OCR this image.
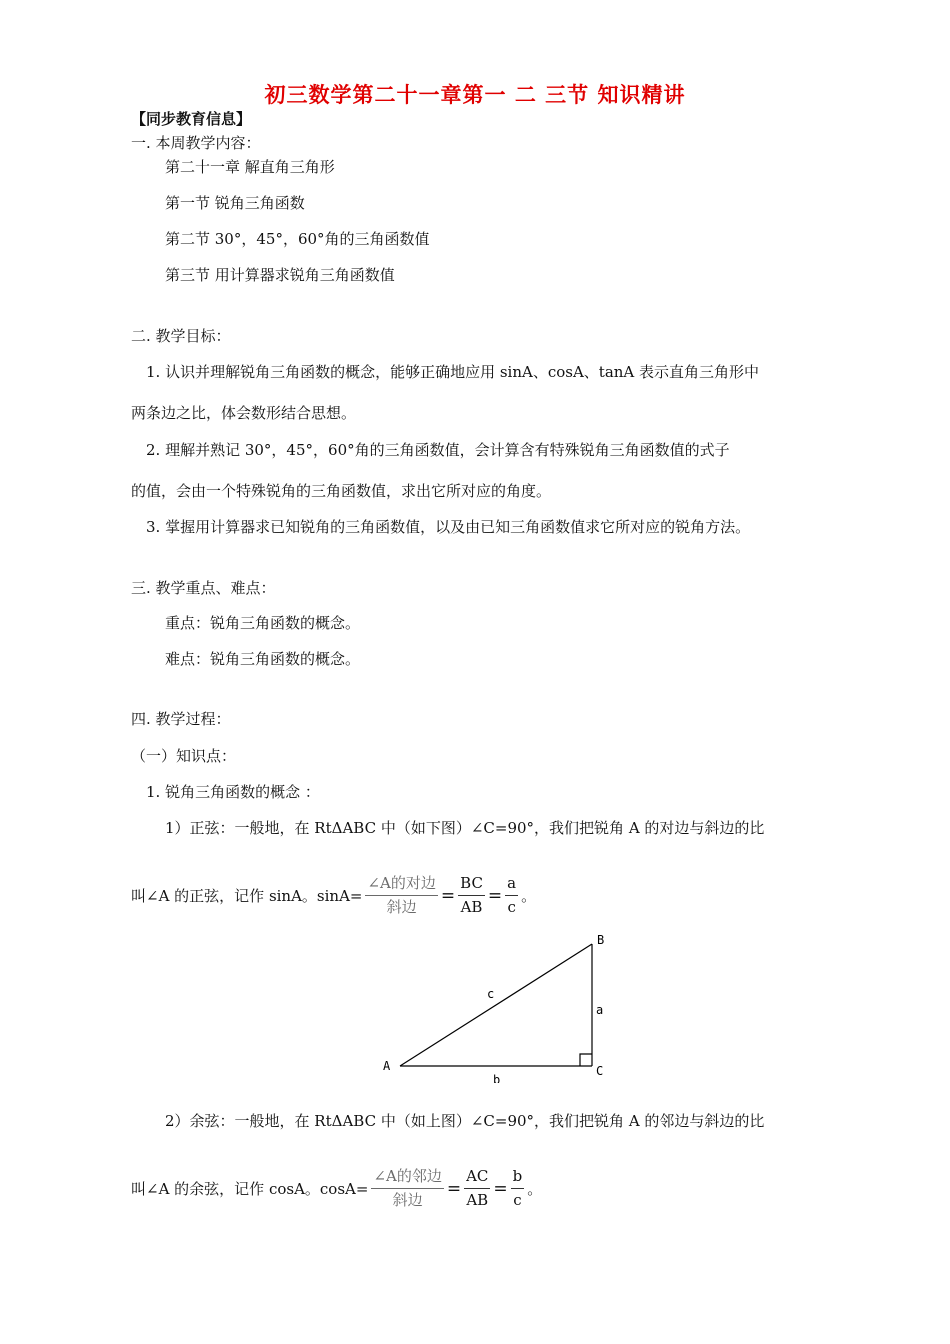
初三数学第二十一章第一 二 三节 知识精讲
【同步教育信息】
一. 本周教学内容：
第二十一章 解直角三角形
第一节 锐角三角函数
第二节 30°，45°，60°角的三角函数值
第三节 用计算器求锐角三角函数值
二. 教学目标：
1. 认识并理解锐角三角函数的概念，能够正确地应用 sinA、cosA、tanA 表示直角三角形中
两条边之比，体会数形结合思想。
2. 理解并熟记 30°，45°，60°角的三角函数值，会计算含有特殊锐角三角函数值的式子
的值，会由一个特殊锐角的三角函数值，求出它所对应的角度。
3. 掌握用计算器求已知锐角的三角函数值，以及由已知三角函数值求它所对应的锐角方法。
三. 教学重点、难点：
重点：锐角三角函数的概念。
难点：锐角三角函数的概念。
四. 教学过程：
（一）知识点：
1. 锐角三角函数的概念 ：
1）正弦：一般地，在 RtΔABC 中（如下图）∠C=90°，我们把锐角 A 的对边与斜边的比
叫∠A 的正弦，记作 sinA。$\sin A= \frac{\text{∠A的对边}}{\text{斜边}} = \frac{BC}{AB} = \frac{a}{c}$ 。
A
B
C
a
b
c
2）余弦：一般地，在 RtΔABC 中（如上图）∠C=90°，我们把锐角 A 的邻边与斜边的比
叫∠A 的余弦，记作 cosA。$\cos A= \frac{\text{∠A的邻边}}{\text{斜边}} = \frac{AC}{AB} = \frac{b}{c}$ 。
